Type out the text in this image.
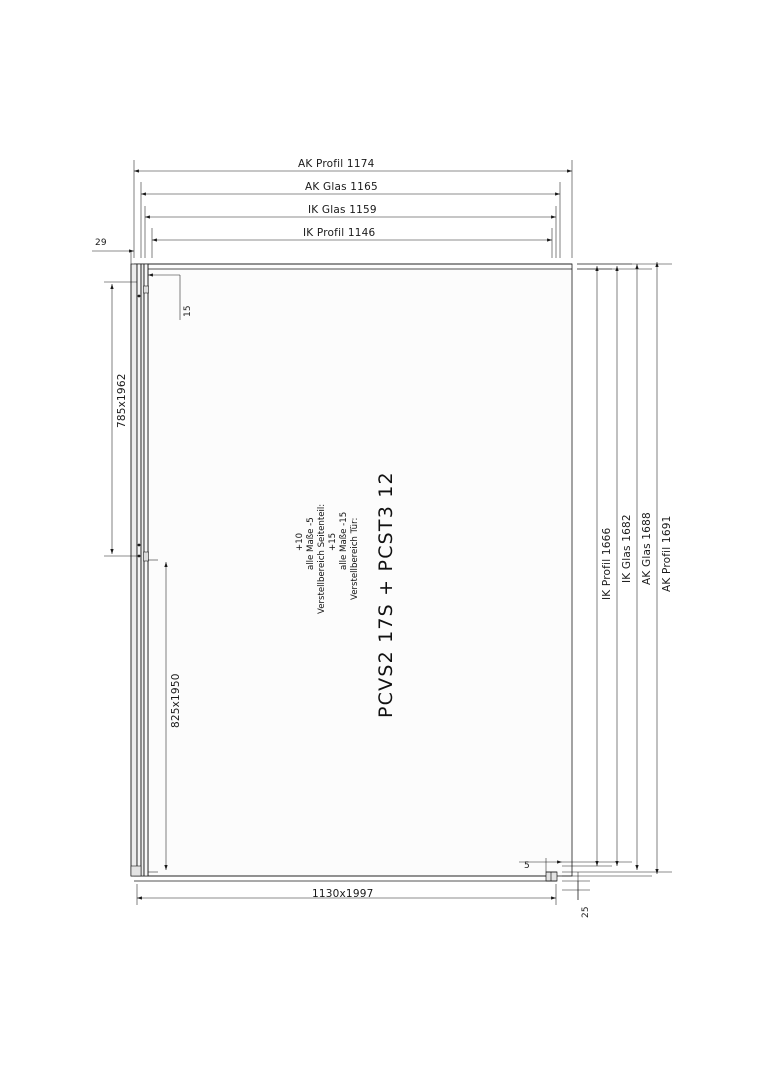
AK Profil 1174
AK Glas 1165
IK Glas 1159
IK Profil 1146
29
15
5
25
IK Profil 1666 IK Glas 1682 AK Glas 1688 AK Profil 1691
785x1962
825x1950
1130x1997
PCVS2 17S + PCST3 12
Verstellbereich Tür:
alle Maße -15
+15
Verstellbereich Seitenteil:
alle Maße -5
+10
